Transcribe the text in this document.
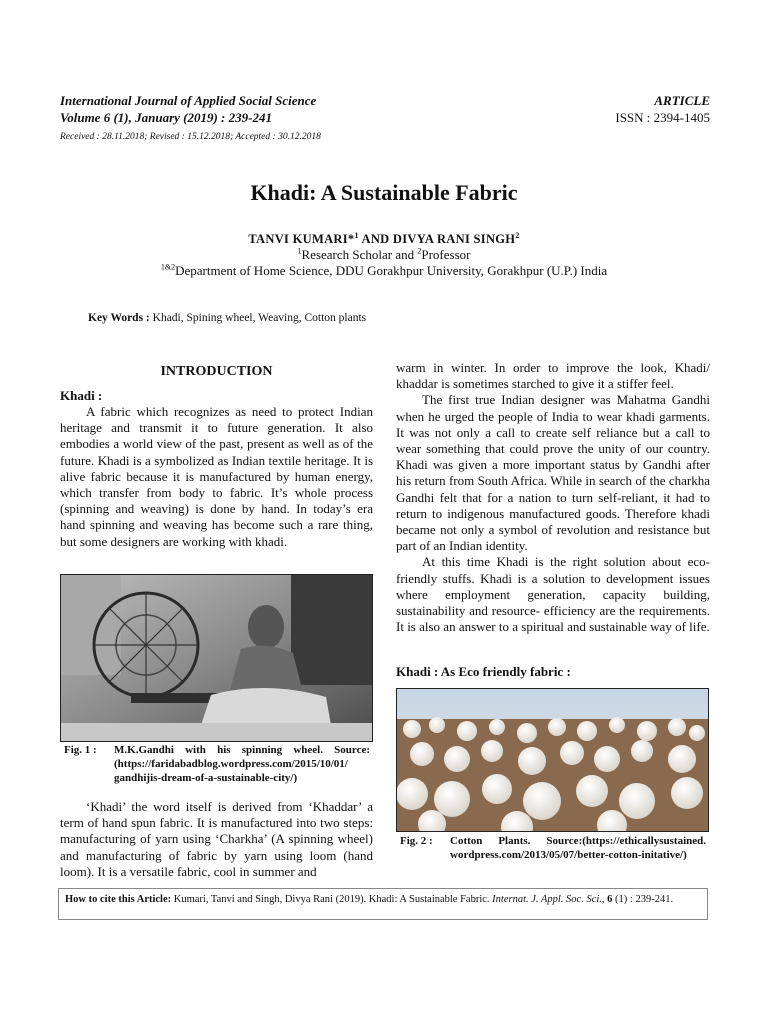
International Journal of Applied Social Science
Volume 6 (1), January (2019) : 239-241
Received : 28.11.2018; Revised : 15.12.2018; Accepted : 30.12.2018
ARTICLE
ISSN : 2394-1405
Khadi: A Sustainable Fabric
TANVI KUMARI*$^1$ AND DIVYA RANI SINGH$^2$
$^1$Research Scholar and $^2$Professor
$^{1\&2}$Department of Home Science, DDU Gorakhpur University, Gorakhpur (U.P.) India
Key Words : Khadi, Spining wheel, Weaving, Cotton plants
INTRODUCTION
Khadi :

A fabric which recognizes as need to protect Indian heritage and transmit it to future generation. It also embodies a world view of the past, present as well as of the future. Khadi is a symbolized as Indian textile heritage. It is alive fabric because it is manufactured by human energy, which transfer from body to fabric. It’s whole process (spinning and weaving) is done by hand. In today’s era hand spinning and weaving has become such a rare thing, but some designers are working with khadi.

Fig. 1 : M.K.Gandhi with his spinning wheel. Source: (https://faridabadblog.wordpress.com/2015/10/01/ gandhijis-dream-of-a-sustainable-city/)

‘Khadi’ the word itself is derived from ‘Khaddar’ a term of hand spun fabric. It is manufactured into two steps: manufacturing of yarn using ‘Charkha’ (A spinning wheel) and manufacturing of fabric by yarn using loom (hand loom). It is a versatile fabric, cool in summer and

warm in winter. In order to improve the look, Khadi/ khaddar is sometimes starched to give it a stiffer feel.

The first true Indian designer was Mahatma Gandhi when he urged the people of India to wear khadi garments. It was not only a call to create self reliance but a call to wear something that could prove the unity of our country. Khadi was given a more important status by Gandhi after his return from South Africa. While in search of the charkha Gandhi felt that for a nation to turn self-reliant, it had to return to indigenous manufactured goods. Therefore khadi became not only a symbol of revolution and resistance but part of an Indian identity.

At this time Khadi is the right solution about eco-friendly stuffs. Khadi is a solution to development issues where employment generation, capacity building, sustainability and resource- efficiency are the requirements. It is also an answer to a spiritual and sustainable way of life.

Khadi : As Eco friendly fabric :
Fig. 2 : Cotton Plants. Source:(https://ethicallysustained. wordpress.com/2013/05/07/better-cotton-initative/)
How to cite this Article: Kumari, Tanvi and Singh, Divya Rani (2019). Khadi: A Sustainable Fabric. Internat. J. Appl. Soc. Sci., 6 (1) : 239-241.
